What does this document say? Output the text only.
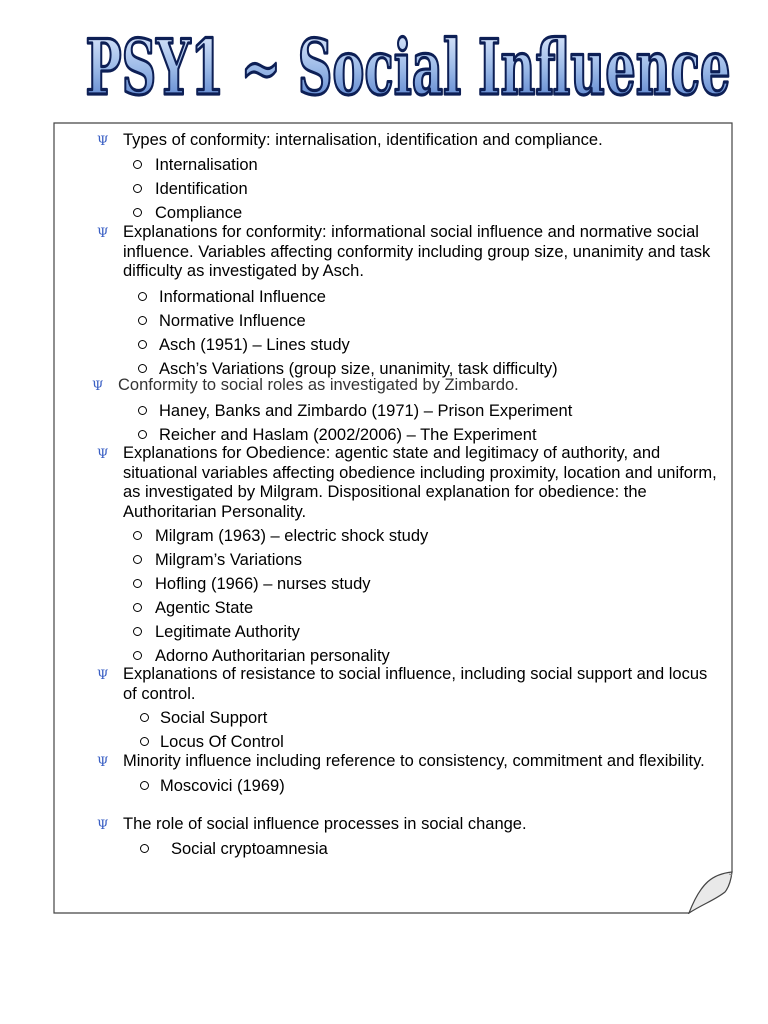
PSY1 ~ Social Influence

Ψ Types of conformity: internalisation, identification and compliance.

Internalisation
Identification
Compliance

Ψ Explanations for conformity: informational social influence and normative social influence. Variables affecting conformity including group size, unanimity and task difficulty as investigated by Asch.

Informational Influence
Normative Influence
Asch (1951) – Lines study
Asch’s Variations (group size, unanimity, task difficulty)

Ψ Conformity to social roles as investigated by Zimbardo.

Haney, Banks and Zimbardo (1971) – Prison Experiment
Reicher and Haslam (2002/2006) – The Experiment

Ψ Explanations for Obedience: agentic state and legitimacy of authority, and situational variables affecting obedience including proximity, location and uniform, as investigated by Milgram. Dispositional explanation for obedience: the Authoritarian Personality.

Milgram (1963) – electric shock study
Milgram’s Variations
Hofling (1966) – nurses study
Agentic State
Legitimate Authority
Adorno Authoritarian personality

Ψ Explanations of resistance to social influence, including social support and locus of control.

Social Support
Locus Of Control

Ψ Minority influence including reference to consistency, commitment and flexibility.

Moscovici (1969)

Ψ The role of social influence processes in social change.

Social cryptoamnesia
